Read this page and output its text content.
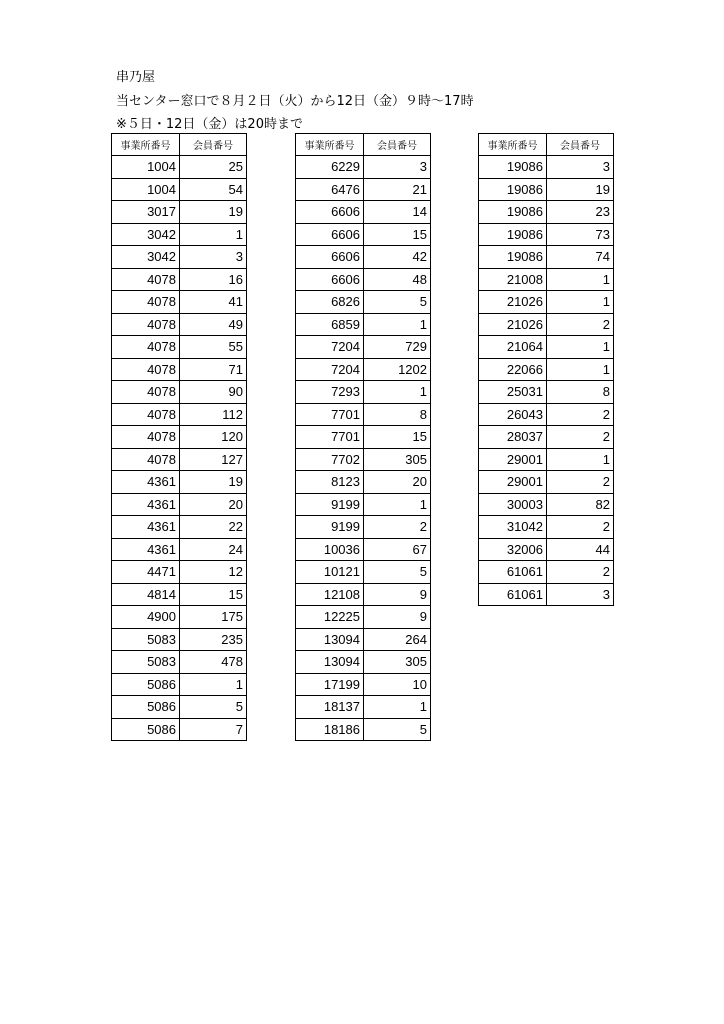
串乃屋
当センター窓口で８月２日（火）から12日（金）９時〜17時
※５日・12日（金）は20時まで
事業所番号	会員番号
1004	25
1004	54
3017	19
3042	1
3042	3
4078	16
4078	41
4078	49
4078	55
4078	71
4078	90
4078	112
4078	120
4078	127
4361	19
4361	20
4361	22
4361	24
4471	12
4814	15
4900	175
5083	235
5083	478
5086	1
5086	5
5086	7
事業所番号	会員番号
6229	3
6476	21
6606	14
6606	15
6606	42
6606	48
6826	5
6859	1
7204	729
7204	1202
7293	1
7701	8
7701	15
7702	305
8123	20
9199	1
9199	2
10036	67
10121	5
12108	9
12225	9
13094	264
13094	305
17199	10
18137	1
18186	5
事業所番号	会員番号
19086	3
19086	19
19086	23
19086	73
19086	74
21008	1
21026	1
21026	2
21064	1
22066	1
25031	8
26043	2
28037	2
29001	1
29001	2
30003	82
31042	2
32006	44
61061	2
61061	3
